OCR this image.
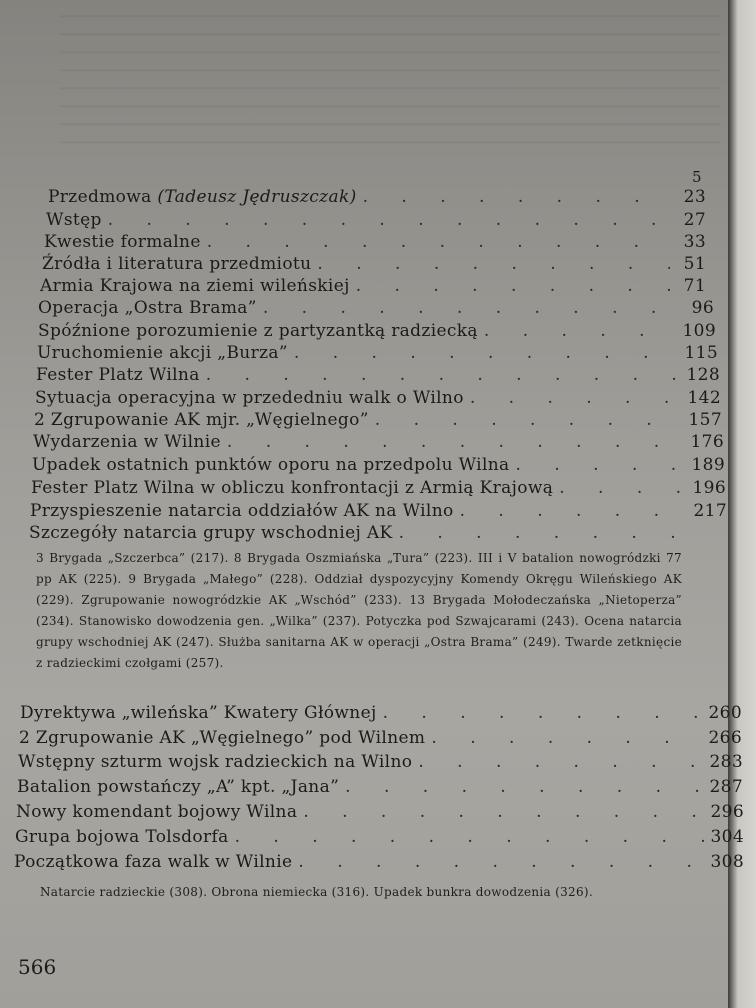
5
Przedmowa (Tadeusz Jędruszczak) . . .	23
Wstęp . . .	27
Kwestie formalne . . .	33
Źródła i literatura przedmiotu . . .	51
Armia Krajowa na ziemi wileńskiej . . .	71
Operacja „Ostra Brama” . . .	96
Spóźnione porozumienie z partyzantką radziecką . . .	109
Uruchomienie akcji „Burza” . . .	115
Fester Platz Wilna . . .	128
Sytuacja operacyjna w przededniu walk o Wilno . . .	142
2 Zgrupowanie AK mjr. „Węgielnego” . . .	157
Wydarzenia w Wilnie . . .	176
Upadek ostatnich punktów oporu na przedpolu Wilna . . .	189
Fester Platz Wilna w obliczu konfrontacji z Armią Krajową . . .	196
Przyspieszenie natarcia oddziałów AK na Wilno . . .	217
Szczegóły natarcia grupy wschodniej AK
. . .
3 Brygada „Szczerbca” (217). 8 Brygada Oszmiańska „Tura” (223). III i V batalion nowogródzki 77 pp AK (225). 9 Brygada „Małego” (228). Oddział dyspozycyjny Komendy Okręgu Wileńskiego AK (229). Zgrupowanie nowogródzkie AK „Wschód” (233). 13 Brygada Mołodeczańska „Nietoperza” (234). Stanowisko dowodzenia gen. „Wilka” (237). Potyczka pod Szwajcarami (243). Ocena natarcia grupy wschodniej AK (247). Służba sanitarna AK w operacji „Ostra Brama” (249). Twarde zetknięcie z radzieckimi czołgami (257).
Dyrektywa „wileńska” Kwatery Głównej . . .	260
2 Zgrupowanie AK „Węgielnego” pod Wilnem . . .	266
Wstępny szturm wojsk radzieckich na Wilno . . .	283
Batalion powstańczy „A” kpt. „Jana” . . .	287
Nowy komendant bojowy Wilna . . .	296
Grupa bojowa Tolsdorfa . . .	304
Początkowa faza walk w Wilnie . . .	308
Natarcie radzieckie (308). Obrona niemiecka (316). Upadek bunkra dowodzenia (326).
566
